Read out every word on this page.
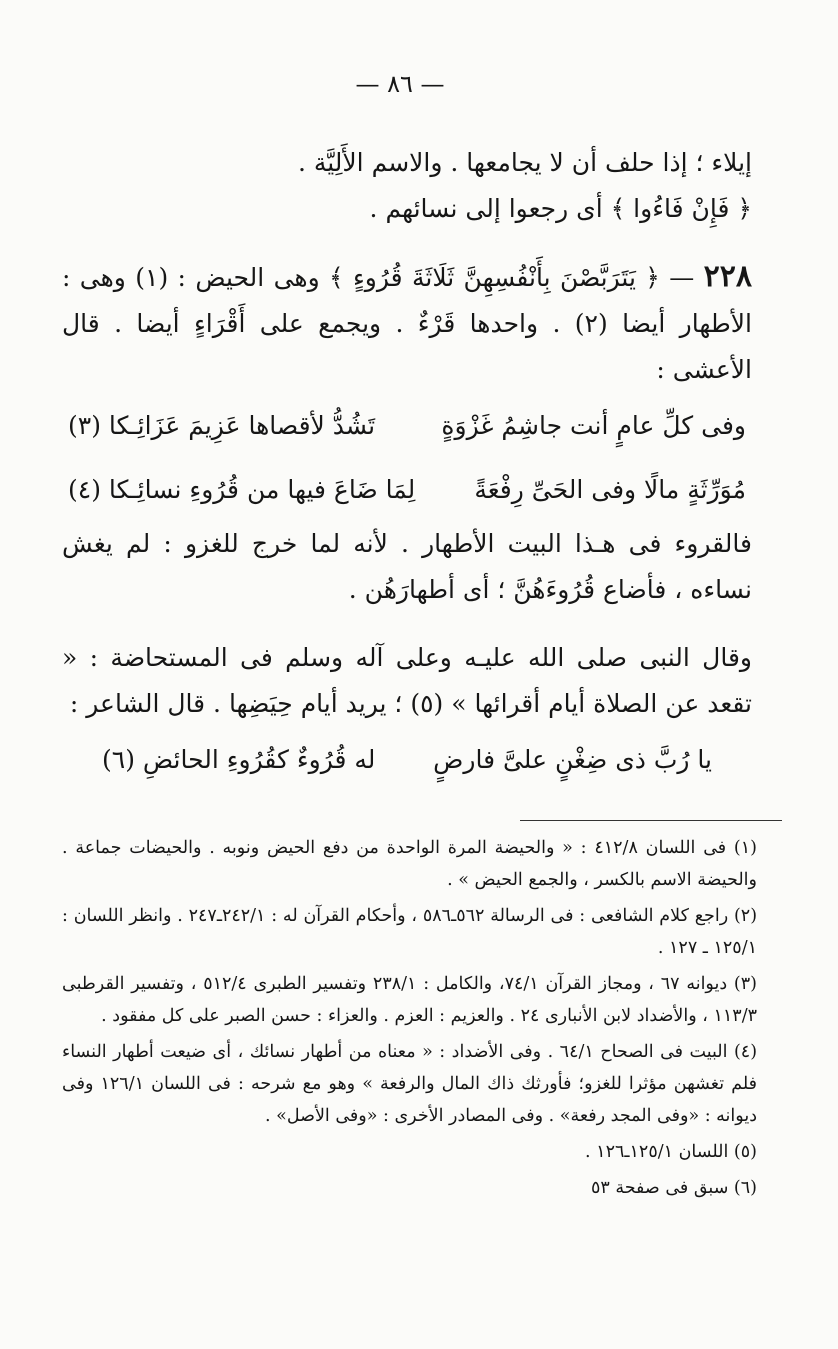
— ٨٦ —

إيلاء ؛ إذا حلف أن لا يجامعها . والاسم الأَلِيَّة .

﴿ فَإِنْ فَاءُوا ﴾ أى رجعوا إلى نسائهم .

٢٢٨ — ﴿ يَتَرَبَّصْنَ بِأَنْفُسِهِنَّ ثَلَاثَةَ قُرُوءٍ ﴾ وهى الحيض : (١) وهى : الأطهار أيضا (٢) . واحدها قَرْءٌ . ويجمع على أَقْرَاءٍ أيضا . قال الأعشى :

وفى كلِّ عامٍ أنت جاشِمُ غَزْوَةٍ
تَشُدُّ لأقصاها عَزِيمَ عَزَائِـكا (٣)
مُوَرِّثَةٍ مالًا وفى الحَىِّ رِفْعَةً
لِمَا ضَاعَ فيها من قُرُوءِ نسائِـكا (٤)

فالقروء فى هـذا البيت الأطهار . لأنه لما خرج للغزو : لم يغش نساءه ، فأضاع قُرُوءَهُنَّ ؛ أى أطهارَهُن .

وقال النبى صلى الله عليـه وعلى آله وسلم فى المستحاضة : « تقعد عن الصلاة أيام أقرائها » (٥) ؛ يريد أيام حِيَضِها . قال الشاعر :

يا رُبَّ ذى ضِغْنٍ علىَّ فارضٍ
له قُرُوءٌ كقُرُوءِ الحائضِ (٦)

(١) فى اللسان ٤١٢/٨ : « والحيضة المرة الواحدة من دفع الحيض ونوبه . والحيضات جماعة . والحيضة الاسم بالكسر ، والجمع الحيض » .

(٢) راجع كلام الشافعى : فى الرسالة ٥٦٢ـ٥٨٦ ، وأحكام القرآن له : ٢٤٢/١ـ٢٤٧ . وانظر اللسان : ١٢٥/١ ـ ١٢٧ .

(٣) ديوانه ٦٧ ، ومجاز القرآن ٧٤/١، والكامل : ٢٣٨/١ وتفسير الطبرى ٥١٢/٤ ، وتفسير القرطبى ١١٣/٣ ، والأضداد لابن الأنبارى ٢٤ . والعزيم : العزم . والعزاء : حسن الصبر على كل مفقود .

(٤) البيت فى الصحاح ٦٤/١ . وفى الأضداد : « معناه من أطهار نسائك ، أى ضيعت أطهار النساء فلم تغشهن مؤثرا للغزو؛ فأورثك ذاك المال والرفعة » وهو مع شرحه : فى اللسان ١٢٦/١ وفى ديوانه : «وفى المجد رفعة» . وفى المصادر الأخرى : «وفى الأصل» .

(٥) اللسان ١٢٥/١ـ١٢٦ .

(٦) سبق فى صفحة ٥٣
